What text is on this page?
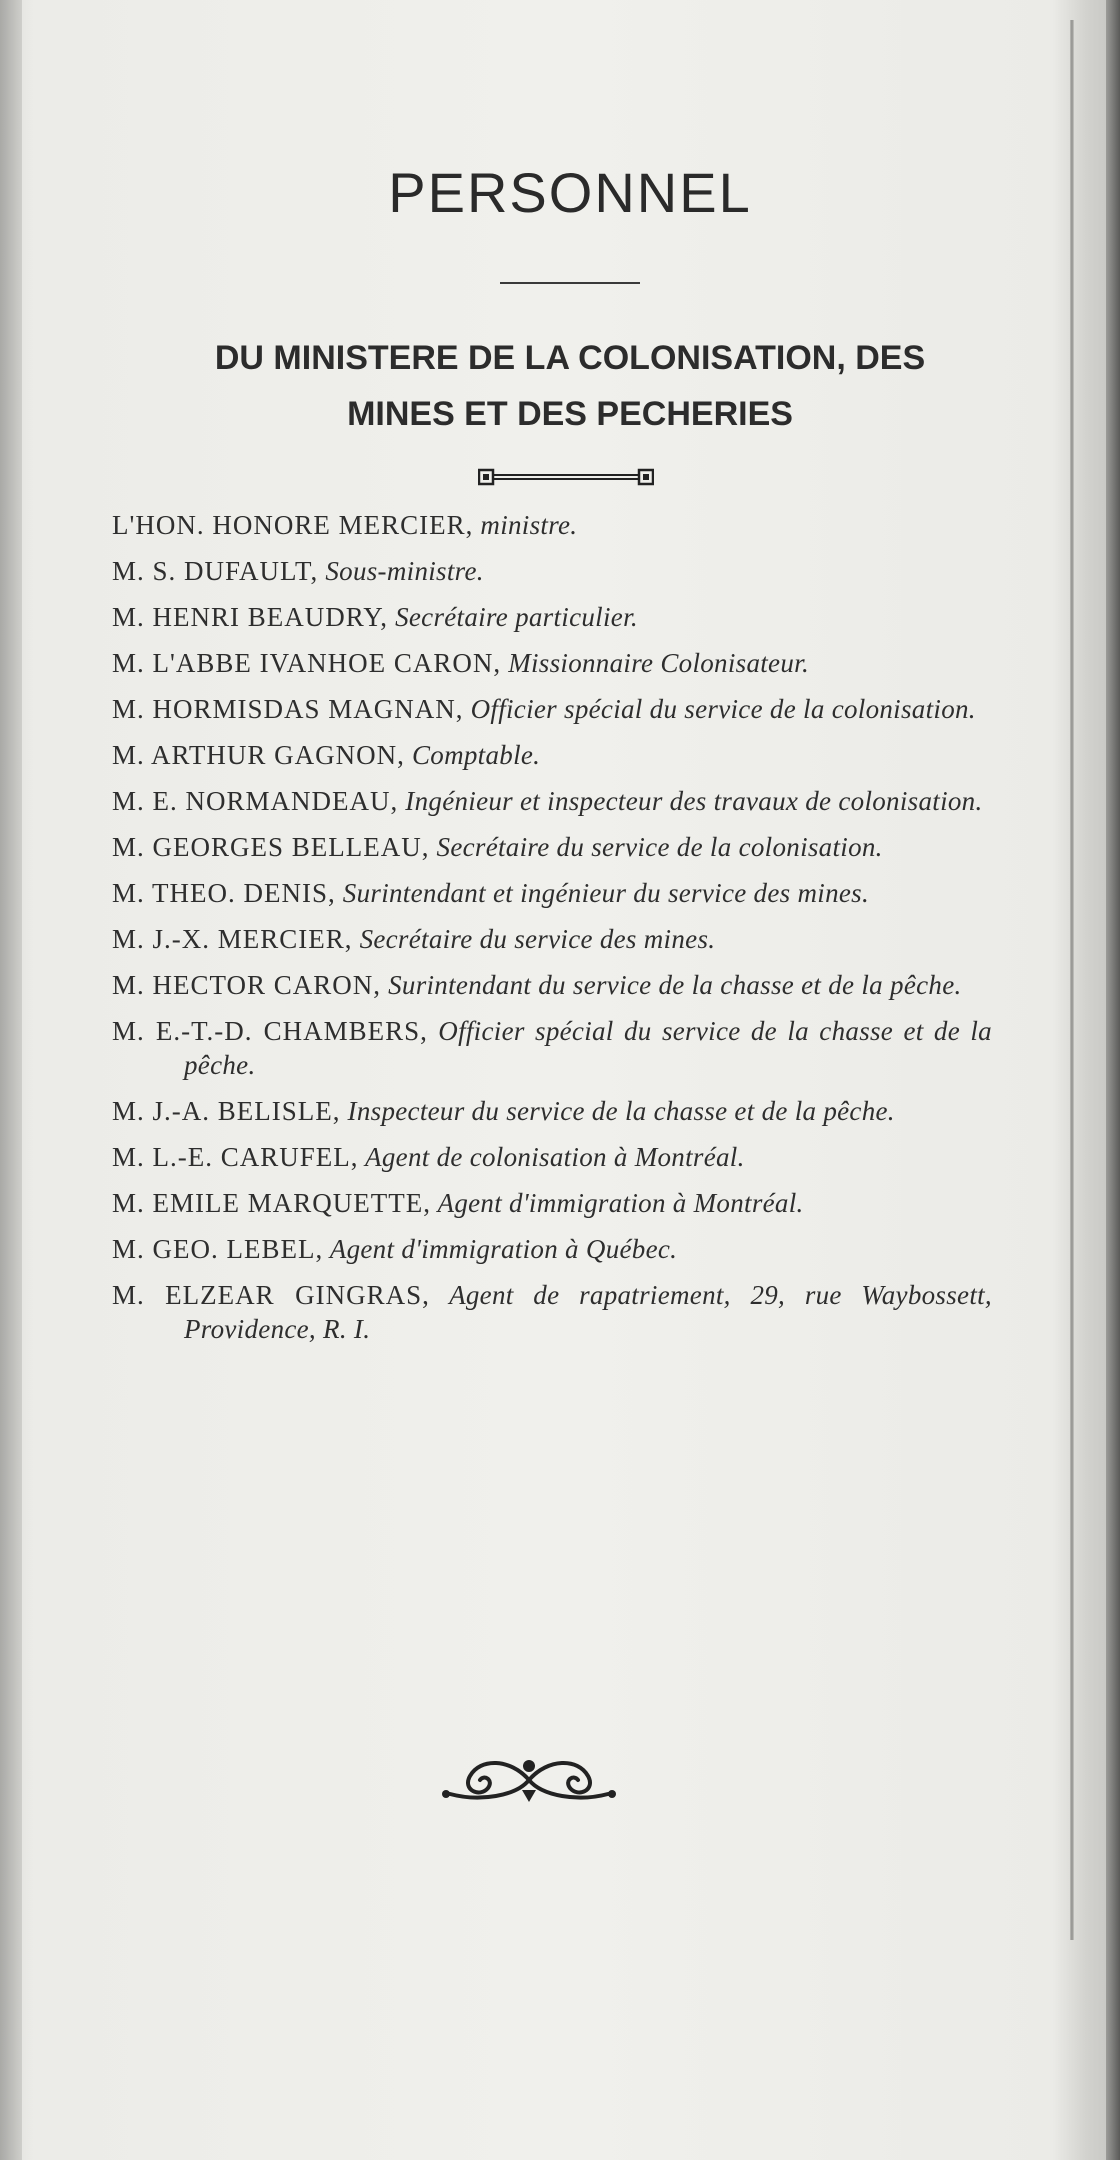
PERSONNEL
DU MINISTERE DE LA COLONISATION, DES
MINES ET DES PECHERIES
L'HON. HONORE MERCIER, ministre.
M. S. DUFAULT, Sous-ministre.
M. HENRI BEAUDRY, Secrétaire particulier.
M. L'ABBE IVANHOE CARON, Missionnaire Colonisateur.
M. HORMISDAS MAGNAN, Officier spécial du service de la colonisation.
M. ARTHUR GAGNON, Comptable.
M. E. NORMANDEAU, Ingénieur et inspecteur des travaux de colonisation.
M. GEORGES BELLEAU, Secrétaire du service de la colonisation.
M. THEO. DENIS, Surintendant et ingénieur du service des mines.
M. J.-X. MERCIER, Secrétaire du service des mines.
M. HECTOR CARON, Surintendant du service de la chasse et de la pêche.
M. E.-T.-D. CHAMBERS, Officier spécial du service de la chasse et de la pêche.
M. J.-A. BELISLE, Inspecteur du service de la chasse et de la pêche.
M. L.-E. CARUFEL, Agent de colonisation à Montréal.
M. EMILE MARQUETTE, Agent d'immigration à Montréal.
M. GEO. LEBEL, Agent d'immigration à Québec.
M. ELZEAR GINGRAS, Agent de rapatriement, 29, rue Waybossett, Providence, R. I.
